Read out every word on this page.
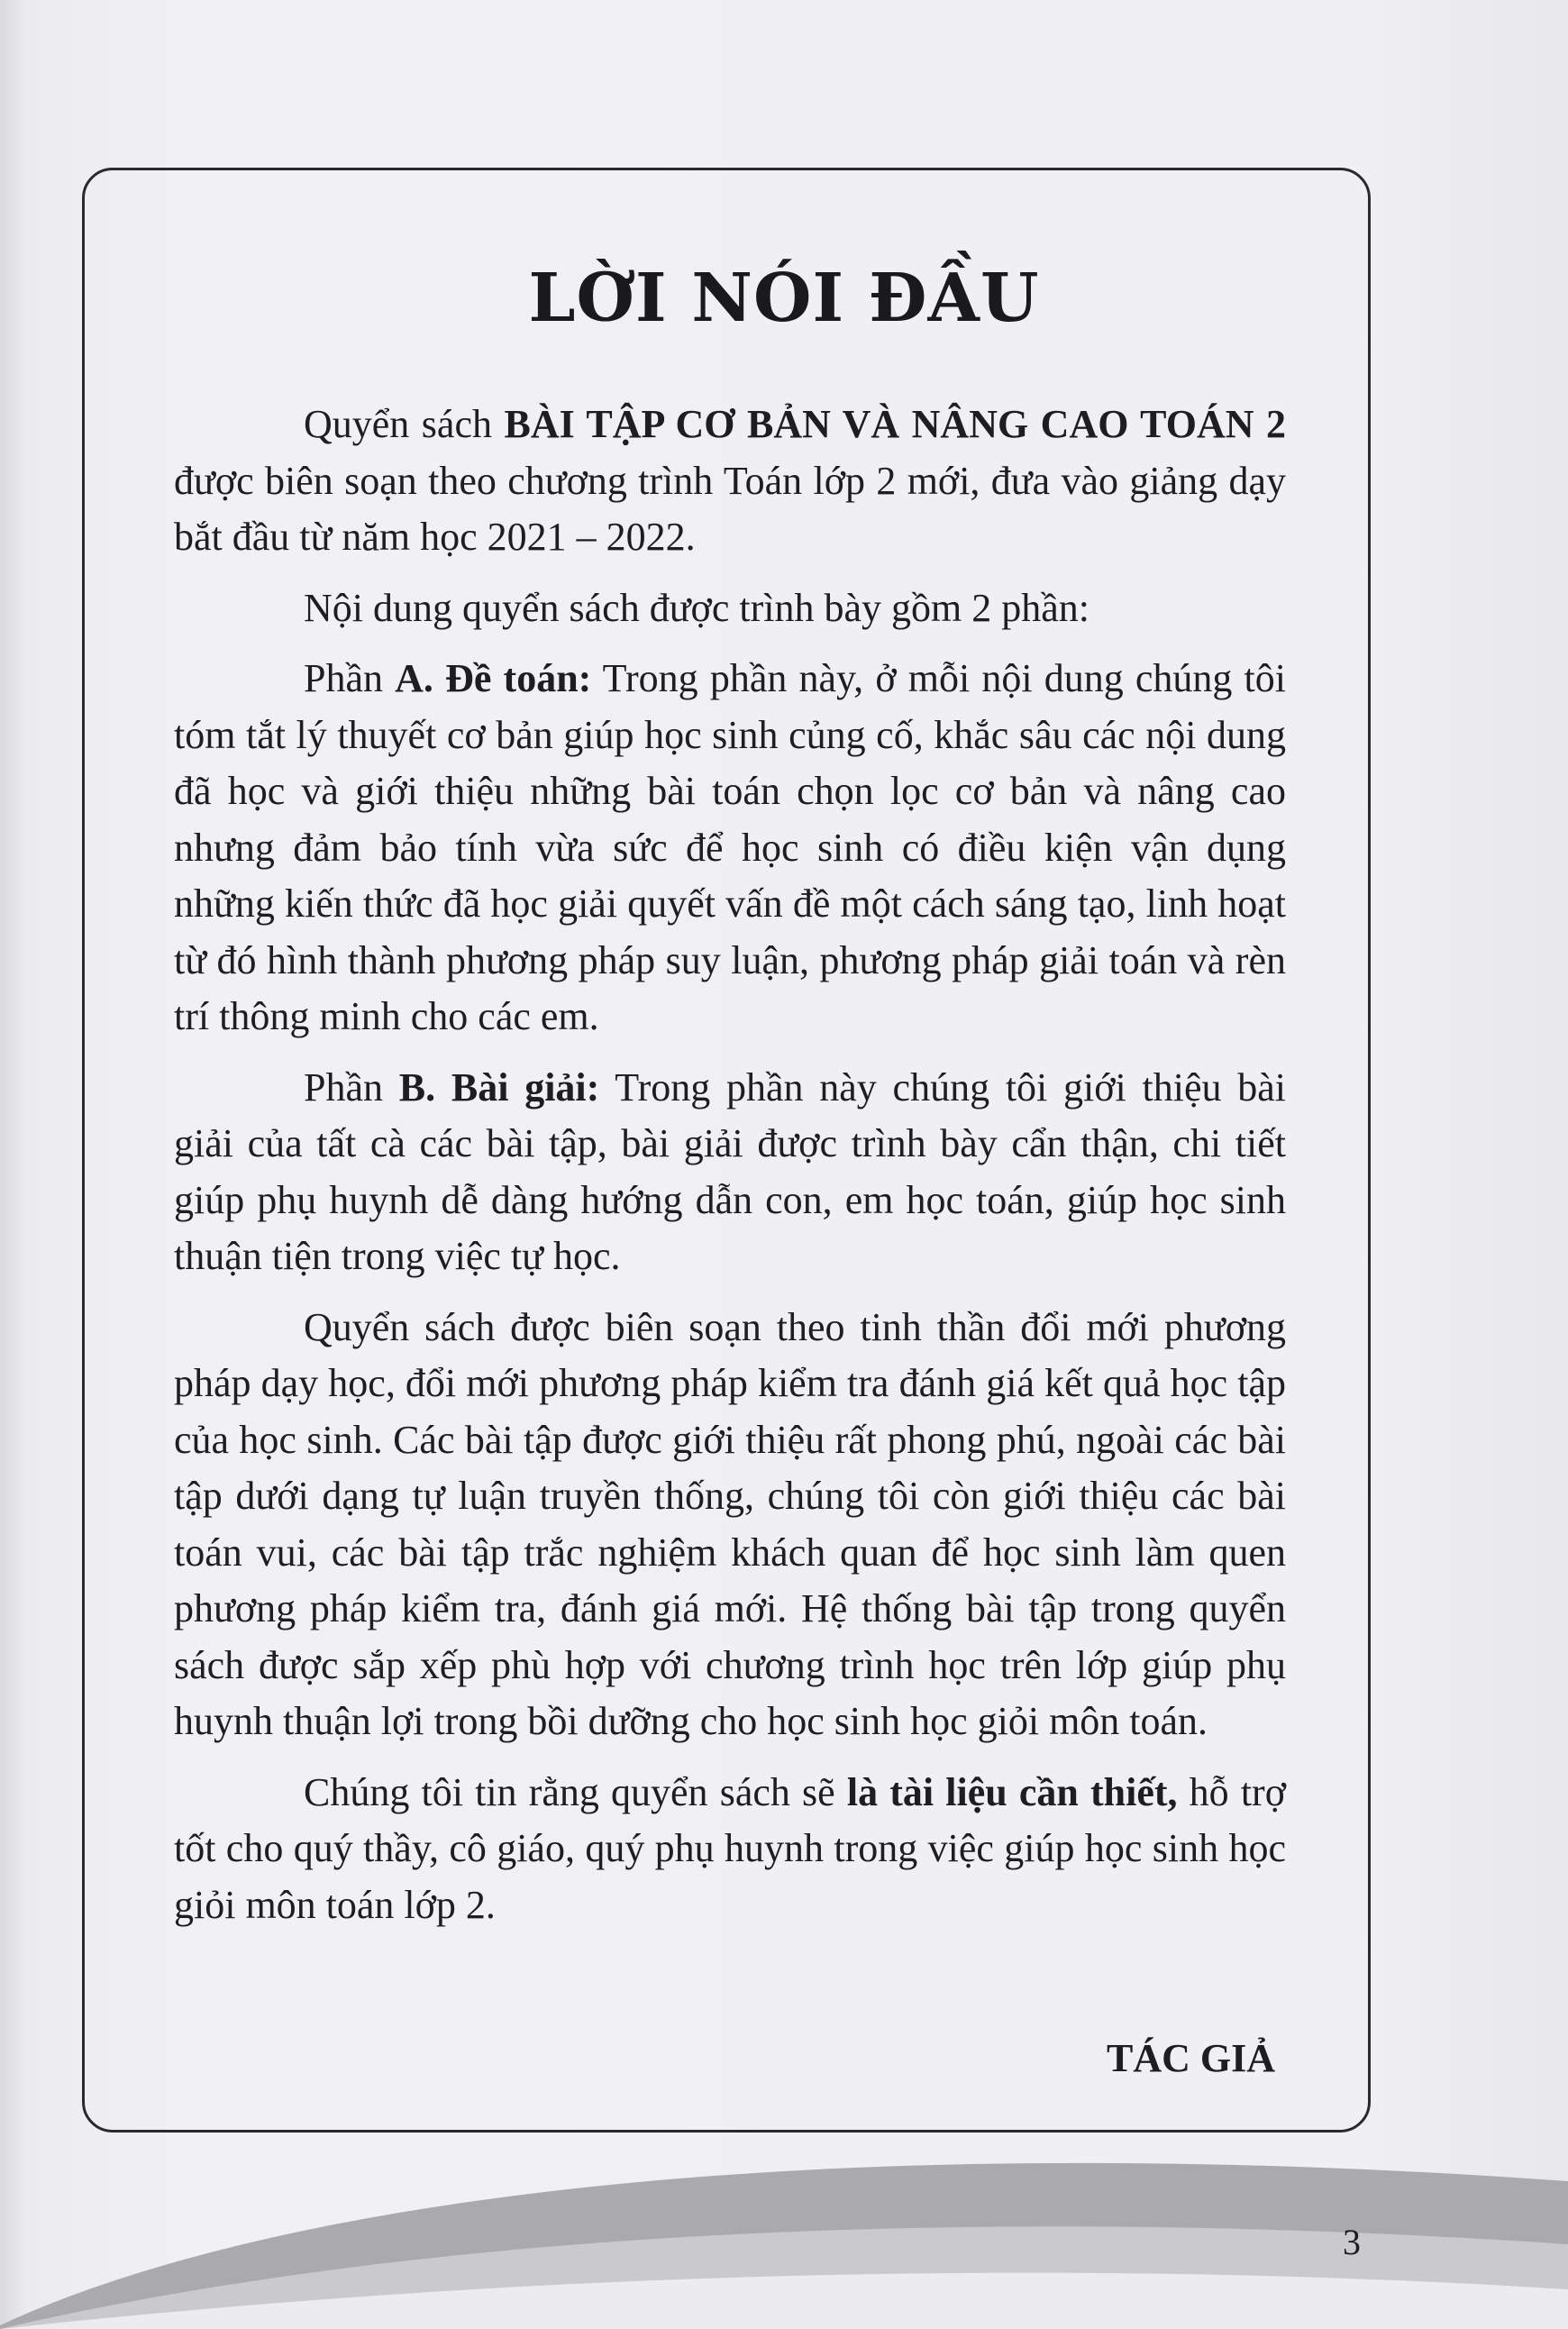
LỜI NÓI ĐẦU

Quyển sách BÀI TẬP CƠ BẢN VÀ NÂNG CAO TOÁN 2 được biên soạn theo chương trình Toán lớp 2 mới, đưa vào giảng dạy bắt đầu từ năm học 2021 – 2022.

Nội dung quyển sách được trình bày gồm 2 phần:

Phần A. Đề toán: Trong phần này, ở mỗi nội dung chúng tôi tóm tắt lý thuyết cơ bản giúp học sinh củng cố, khắc sâu các nội dung đã học và giới thiệu những bài toán chọn lọc cơ bản và nâng cao nhưng đảm bảo tính vừa sức để học sinh có điều kiện vận dụng những kiến thức đã học giải quyết vấn đề một cách sáng tạo, linh hoạt từ đó hình thành phương pháp suy luận, phương pháp giải toán và rèn trí thông minh cho các em.

Phần B. Bài giải: Trong phần này chúng tôi giới thiệu bài giải của tất cà các bài tập, bài giải được trình bày cẩn thận, chi tiết giúp phụ huynh dễ dàng hướng dẫn con, em học toán, giúp học sinh thuận tiện trong việc tự học.

Quyển sách được biên soạn theo tinh thần đổi mới phương pháp dạy học, đổi mới phương pháp kiểm tra đánh giá kết quả học tập của học sinh. Các bài tập được giới thiệu rất phong phú, ngoài các bài tập dưới dạng tự luận truyền thống, chúng tôi còn giới thiệu các bài toán vui, các bài tập trắc nghiệm khách quan để học sinh làm quen phương pháp kiểm tra, đánh giá mới. Hệ thống bài tập trong quyển sách được sắp xếp phù hợp với chương trình học trên lớp giúp phụ huynh thuận lợi trong bồi dưỡng cho học sinh học giỏi môn toán.

Chúng tôi tin rằng quyển sách sẽ là tài liệu cần thiết, hỗ trợ tốt cho quý thầy, cô giáo, quý phụ huynh trong việc giúp học sinh học giỏi môn toán lớp 2.

TÁC GIẢ
3
